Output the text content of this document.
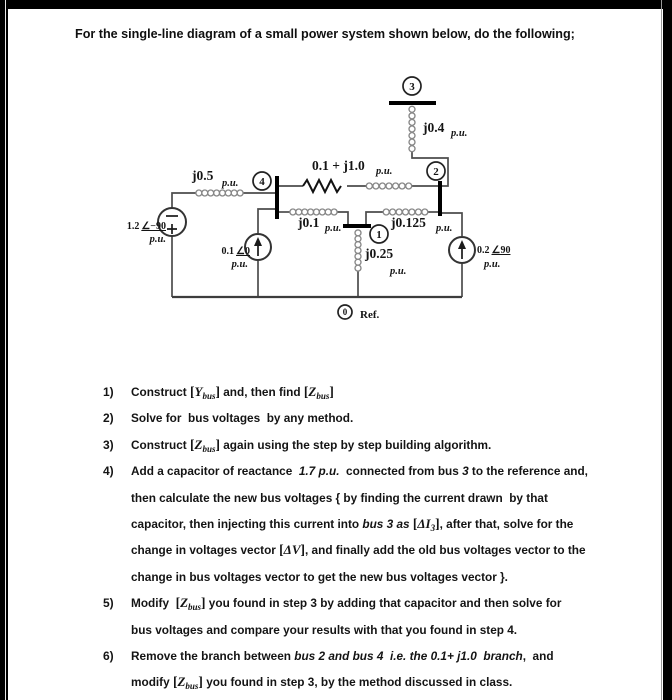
For the single-line diagram of a small power system shown below, do the following;
3
2
4
1
0 Ref.
j0.4 p.u.
0.1 + j1.0 p.u.
j0.5
p.u.
j0.1 p.u.	j0.125 p.u.
j0.25
p.u.
1.2 ∠−90
p.u.
0.1 ∠0
p.u.
0.2 ∠90
p.u.
1)	Construct $[Y_{bus}]$ and, then find $[Z_{bus}]$
2)	Solve for  bus voltages  by any method.
3)	Construct $[Z_{bus}]$ again using the step by step building algorithm.
4)	Add a capacitor of reactance  1.7 p.u.  connected from bus 3 to the reference and,
then calculate the new bus voltages { by finding the current drawn  by that
capacitor, then injecting this current into bus 3 as $[\Delta I_3]$, after that, solve for the
change in voltages vector [ΔV], and finally add the old bus voltages vector to the
change in bus voltages vector to get the new bus voltages vector }.
5)	Modify  $[Z_{bus}]$ you found in step 3 by adding that capacitor and then solve for
bus voltages and compare your results with that you found in step 4.
6)	Remove the branch between bus 2 and bus 4  i.e. the 0.1+ j1.0  branch,  and
modify $[Z_{bus}]$ you found in step 3, by the method discussed in class.
